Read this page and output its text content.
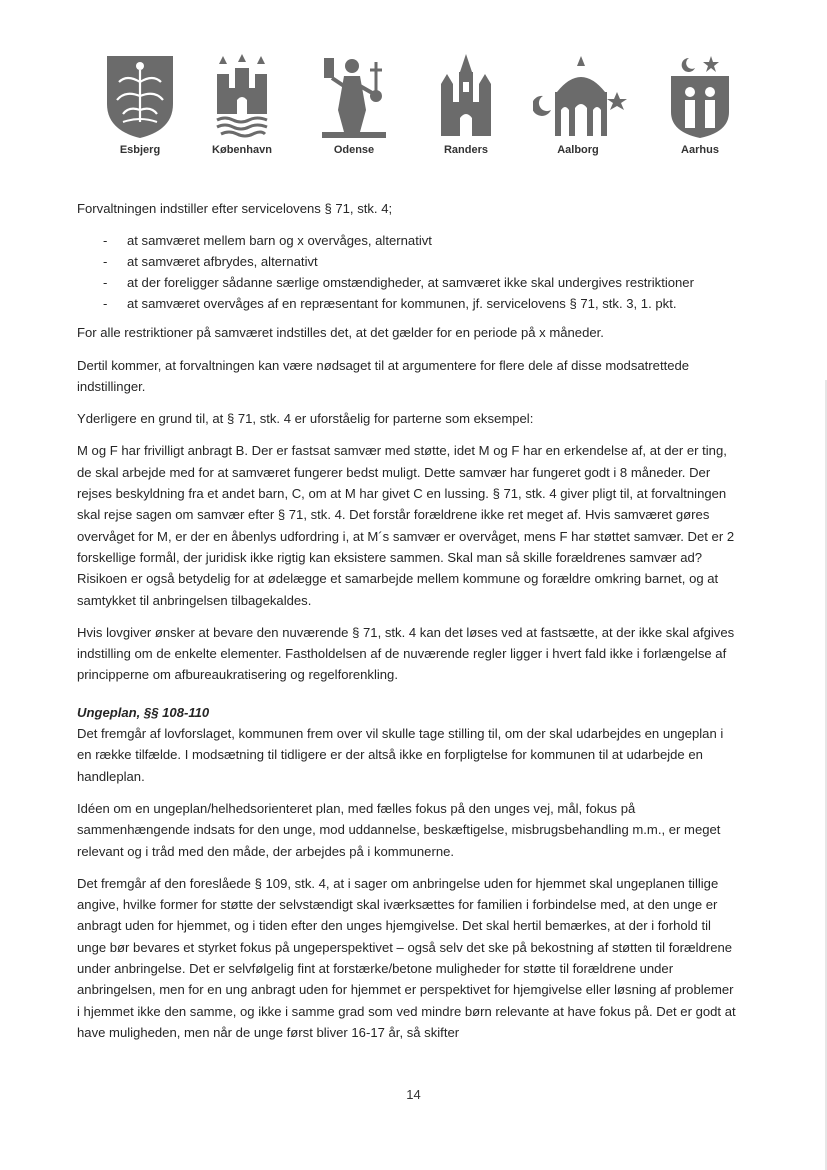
Esbjerg	København	Odense	Randers	Aalborg	Aarhus

Forvaltningen indstiller efter servicelovens § 71, stk. 4;

- at samværet mellem barn og x overvåges, alternativt
- at samværet afbrydes, alternativt
- at der foreligger sådanne særlige omstændigheder, at samværet ikke skal undergives restriktioner
- at samværet overvåges af en repræsentant for kommunen, jf. servicelovens § 71, stk. 3, 1. pkt.

For alle restriktioner på samværet indstilles det, at det gælder for en periode på x måneder.

Dertil kommer, at forvaltningen kan være nødsaget til at argumentere for flere dele af disse modsatrettede indstillinger.

Yderligere en grund til, at § 71, stk. 4 er uforståelig for parterne som eksempel:

M og F har frivilligt anbragt B. Der er fastsat samvær med støtte, idet M og F har en erkendelse af, at der er ting, de skal arbejde med for at samværet fungerer bedst muligt. Dette samvær har fungeret godt i 8 måneder. Der rejses beskyldning fra et andet barn, C, om at M har givet C en lussing. § 71, stk. 4 giver pligt til, at forvaltningen skal rejse sagen om samvær efter § 71, stk. 4. Det forstår forældrene ikke ret meget af. Hvis samværet gøres overvåget for M, er der en åbenlys udfordring i, at M´s samvær er overvåget, mens F har støttet samvær. Det er 2 forskellige formål, der juridisk ikke rigtig kan eksistere sammen. Skal man så skille forældrenes samvær ad? Risikoen er også betydelig for at ødelægge et samarbejde mellem kommune og forældre omkring barnet, og at samtykket til anbringelsen tilbagekaldes.

Hvis lovgiver ønsker at bevare den nuværende § 71, stk. 4 kan det løses ved at fastsætte, at der ikke skal afgives indstilling om de enkelte elementer. Fastholdelsen af de nuværende regler ligger i hvert fald ikke i forlængelse af principperne om afbureaukratisering og regelforenkling.

Ungeplan, §§ 108-110

Det fremgår af lovforslaget, kommunen frem over vil skulle tage stilling til, om der skal udarbejdes en ungeplan i en række tilfælde. I modsætning til tidligere er der altså ikke en forpligtelse for kommunen til at udarbejde en handleplan.

Idéen om en ungeplan/helhedsorienteret plan, med fælles fokus på den unges vej, mål, fokus på sammenhængende indsats for den unge, mod uddannelse, beskæftigelse, misbrugsbehandling m.m., er meget relevant og i tråd med den måde, der arbejdes på i kommunerne.

Det fremgår af den foreslåede § 109, stk. 4, at i sager om anbringelse uden for hjemmet skal ungeplanen tillige angive, hvilke former for støtte der selvstændigt skal iværksættes for familien i forbindelse med, at den unge er anbragt uden for hjemmet, og i tiden efter den unges hjemgivelse. Det skal hertil bemærkes, at der i forhold til unge bør bevares et styrket fokus på ungeperspektivet – også selv det ske på bekostning af støtten til forældrene under anbringelse. Det er selvfølgelig fint at forstærke/betone muligheder for støtte til forældrene under anbringelsen, men for en ung anbragt uden for hjemmet er perspektivet for hjemgivelse eller løsning af problemer i hjemmet ikke den samme, og ikke i samme grad som ved mindre børn relevante at have fokus på. Det er godt at have muligheden, men når de unge først bliver 16-17 år, så skifter

14
